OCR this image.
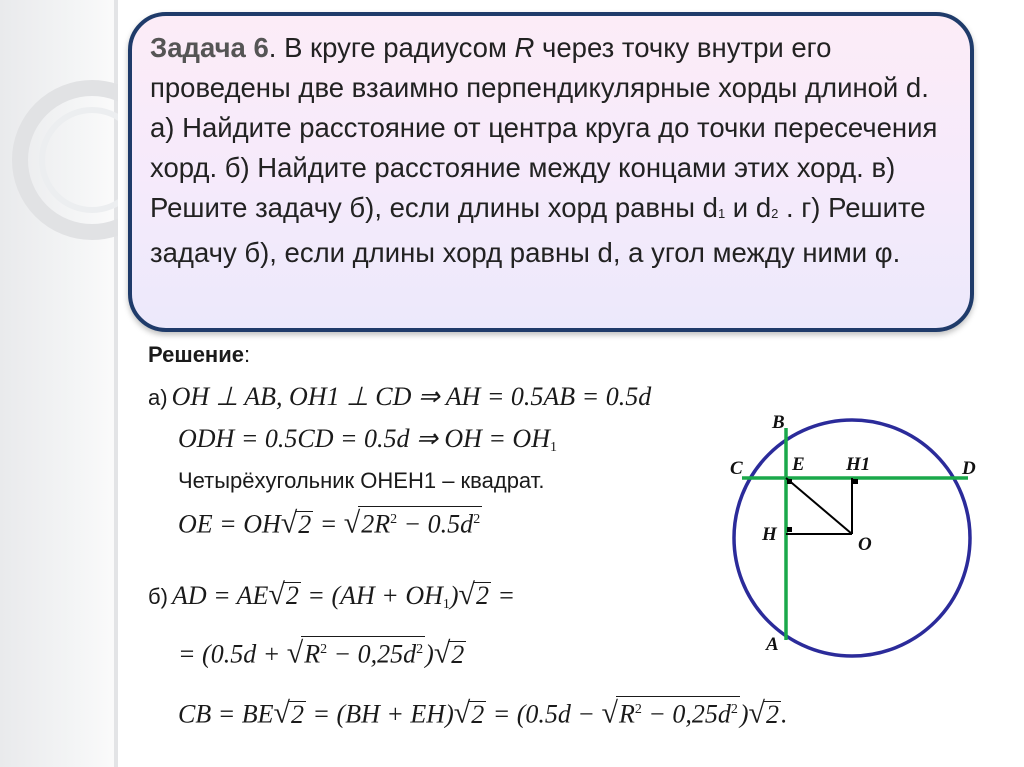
Задача 6. В круге радиусом R через точку внутри его проведены две взаимно перпендикулярные хорды длиной d. а) Найдите расстояние от центра круга до точки пересечения хорд. б) Найдите расстояние между концами этих хорд. в) Решите задачу б), если длины хорд равны $d_1$ и $d_2$ . г) Решите задачу б), если длины хорд равны d, а угол между ними φ.

Решение:
а) OH ⊥ AB, OH1 ⊥ CD ⇒ AH = 0.5AB = 0.5d
ODH = 0.5CD = 0.5d ⇒ OH = $OH_1$
Четырёхугольник ОНЕН1 – квадрат.
OE = $OH√2 = √2R^2 - 0.5d^2$
б) AD = $AE√2 = (AH + OH_1)√2$ =
= $(0.5d + √R^2 - 0,25d^2)√2$
CB = $BE√2 = (BH + EH)√2 = (0.5d - √R^2 - 0,25d^2)√2$.
B
C	E H1	D
H	O
A
